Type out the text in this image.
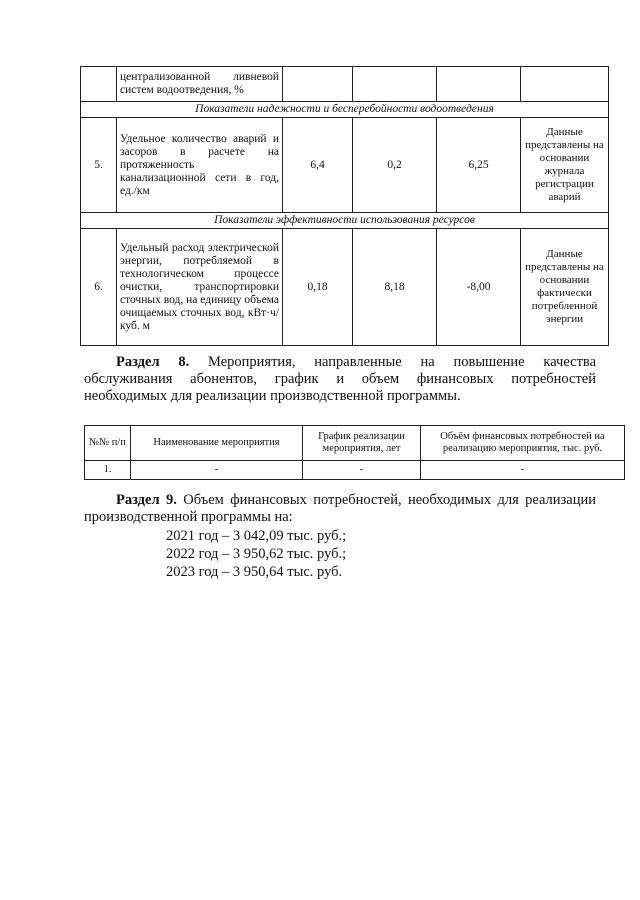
	централизованной ливневой систем водоотведения, %				
Показатели надежности и бесперебойности водоотведения					
5.	Удельное количество аварий и засоров в расчете на протяженность канализационной сети в год, ед./км	6,4	0,2	6,25	Данные представлены на основании журнала регистрации аварий
Показатели эффективности использования ресурсов					
6.	Удельный расход электрической энергии, потребляемой в технологическом процессе очистки, транспортировки сточных вод, на единицу объема очищаемых сточных вод, кВт·ч/куб. м	0,18	8,18	-8,00	Данные представлены на основании фактически потребленной энергии
Раздел 8. Мероприятия, направленные на повышение качества обслуживания абонентов, график и объем финансовых потребностей необходимых для реализации производственной программы.
№№ п/п	Наименование мероприятия	График реализации мероприятия, лет	Объём финансовых потребностей на реализацию мероприятия, тыс. руб.
1.	-	-	-
Раздел 9. Объем финансовых потребностей, необходимых для реализации производственной программы на:
2021 год – 3 042,09 тыс. руб.;
2022 год – 3 950,62 тыс. руб.;
2023 год – 3 950,64 тыс. руб.
